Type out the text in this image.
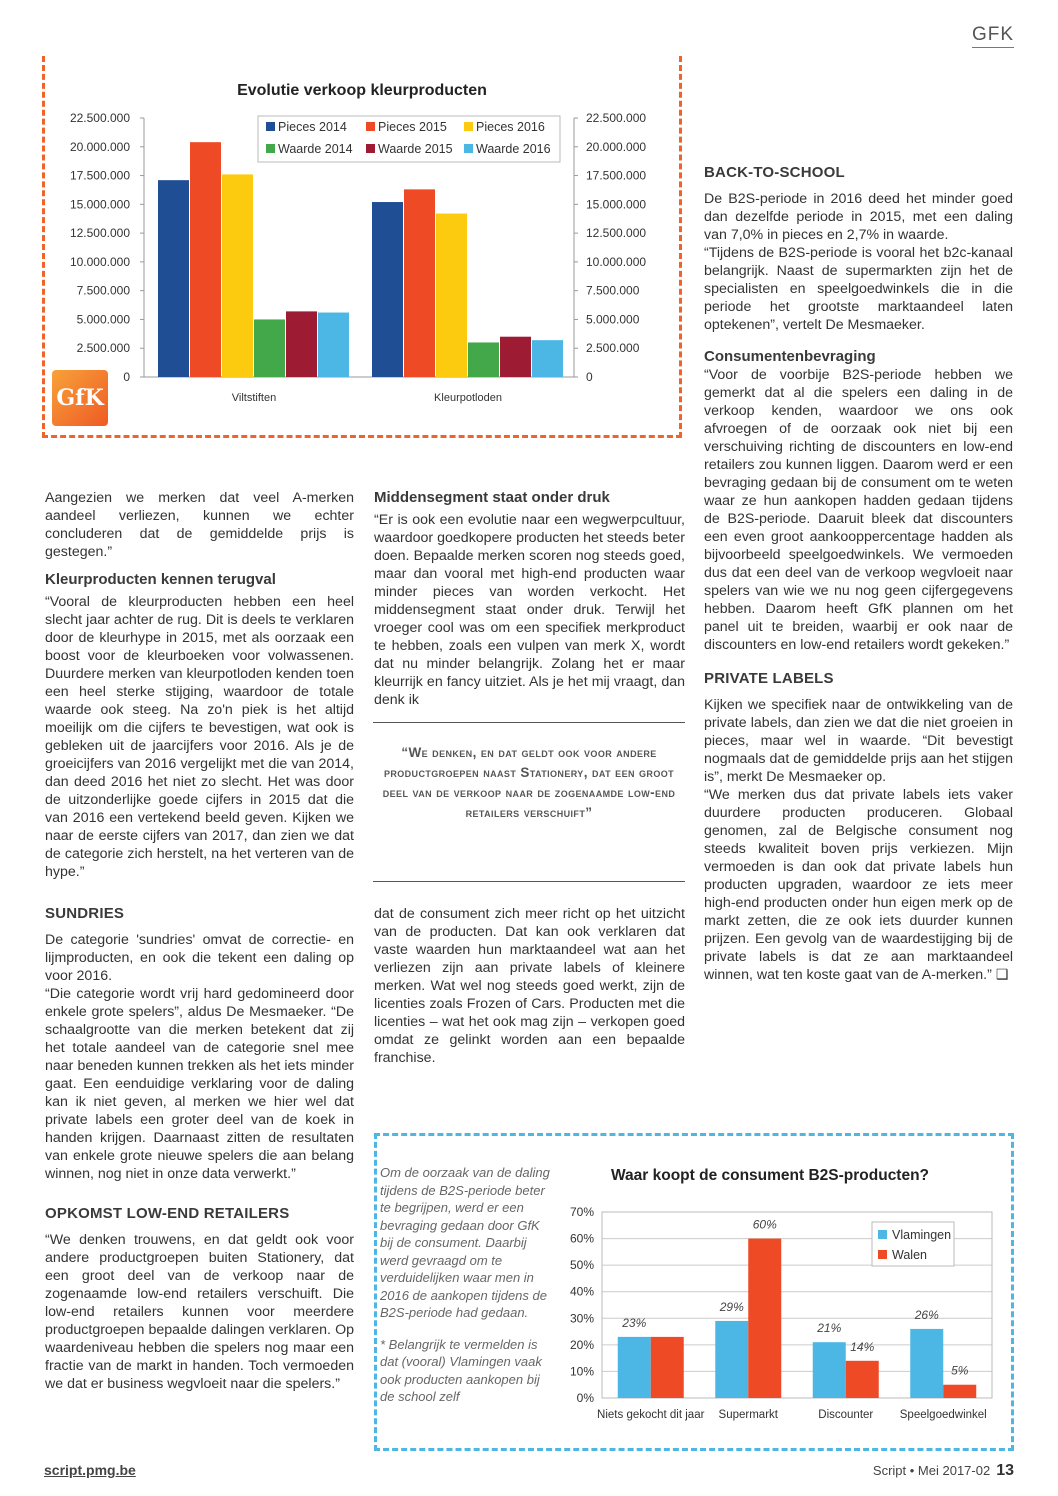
GFK
Evolutie verkoop kleurproducten
22.500.000
20.000.000
17.500.000
15.000.000
12.500.000
10.000.000
7.500.000
5.000.000
2.500.000
0
22.500.000
20.000.000
17.500.000
15.000.000
12.500.000
10.000.000
7.500.000
5.000.000
2.500.000
0
Viltstiften	Kleurpotloden
Pieces 2014 Pieces 2015 Pieces 2016
Waarde 2014 Waarde 2015 Waarde 2016
GfK

Aangezien we merken dat veel A-merken aandeel verliezen, kunnen we echter concluderen dat de gemiddelde prijs is gestegen.”

Kleurproducten kennen terugval

“Vooral de kleurproducten hebben een heel slecht jaar achter de rug. Dit is deels te verklaren door de kleurhype in 2015, met als oorzaak een boost voor de kleurboeken voor volwassenen. Duurdere merken van kleurpotloden kenden toen een heel sterke stijging, waardoor de totale waarde ook steeg. Na zo'n piek is het altijd moeilijk om die cijfers te bevestigen, wat ook is gebleken uit de jaarcijfers voor 2016. Als je de groeicijfers van 2016 vergelijkt met die van 2014, dan deed 2016 het niet zo slecht. Het was door de uitzonderlijke goede cijfers in 2015 dat die van 2016 een vertekend beeld geven. Kijken we naar de eerste cijfers van 2017, dan zien we dat de categorie zich herstelt, na het verteren van de hype.”

SUNDRIES

De categorie 'sundries' omvat de correctie- en lijmproducten, en ook die tekent een daling op voor 2016.

“Die categorie wordt vrij hard gedomineerd door enkele grote spelers”, aldus De Mesmaeker. “De schaalgrootte van die merken betekent dat zij het totale aandeel van de categorie snel mee naar beneden kunnen trekken als het iets minder gaat. Een eenduidige verklaring voor de daling kan ik niet geven, al merken we hier wel dat private labels een groter deel van de koek in handen krijgen. Daarnaast zitten de resultaten van enkele grote nieuwe spelers die aan belang winnen, nog niet in onze data verwerkt.”

OPKOMST LOW-END RETAILERS

“We denken trouwens, en dat geldt ook voor andere productgroepen buiten Stationery, dat een groot deel van de verkoop naar de zogenaamde low-end retailers verschuift. Die low-end retailers kunnen voor meerdere productgroepen bepaalde dalingen verklaren. Op waardeniveau hebben die spelers nog maar een fractie van de markt in handen. Toch vermoeden we dat er business wegvloeit naar die spelers.”

Middensegment staat onder druk

“Er is ook een evolutie naar een wegwerpcultuur, waardoor goedkopere producten het steeds beter doen. Bepaalde merken scoren nog steeds goed, maar dan vooral met high-end producten waar minder pieces van worden verkocht. Het middensegment staat onder druk. Terwijl het vroeger cool was om een specifiek merkproduct te hebben, zoals een vulpen van merk X, wordt dat nu minder belangrijk. Zolang het er maar kleurrijk en fancy uitziet. Als je het mij vraagt, dan denk ik

“We denken, en dat geldt ook voor andere productgroepen naast Stationery, dat een groot deel van de verkoop naar de zogenaamde low-end retailers verschuift”

dat de consument zich meer richt op het uitzicht van de producten. Dat kan ook verklaren dat vaste waarden hun marktaandeel wat aan het verliezen zijn aan private labels of kleinere merken. Wat wel nog steeds goed werkt, zijn de licenties zoals Frozen of Cars. Producten met die licenties – wat het ook mag zijn – verkopen goed omdat ze gelinkt worden aan een bepaalde franchise.

BACK-TO-SCHOOL

De B2S-periode in 2016 deed het minder goed dan dezelfde periode in 2015, met een daling van 7,0% in pieces en 2,7% in waarde.

“Tijdens de B2S-periode is vooral het b2c-kanaal belangrijk. Naast de supermarkten zijn het de specialisten en speelgoedwinkels die in die periode het grootste marktaandeel laten optekenen”, vertelt De Mesmaeker.

Consumentenbevraging

“Voor de voorbije B2S-periode hebben we gemerkt dat al die spelers een daling in de verkoop kenden, waardoor we ons ook afvroegen of de oorzaak ook niet bij een verschuiving richting de discounters en low-end retailers zou kunnen liggen. Daarom werd er een bevraging gedaan bij de consument om te weten waar ze hun aankopen hadden gedaan tijdens de B2S-periode. Daaruit bleek dat discounters een even groot aankooppercentage hadden als bijvoorbeeld speelgoedwinkels. We vermoeden dus dat een deel van de verkoop wegvloeit naar spelers van wie we nu nog geen cijfergegevens hebben. Daarom heeft GfK plannen om het panel uit te breiden, waarbij er ook naar de discounters en low-end retailers wordt gekeken.”

PRIVATE LABELS

Kijken we specifiek naar de ontwikkeling van de private labels, dan zien we dat die niet groeien in pieces, maar wel in waarde. “Dit bevestigt nogmaals dat de gemiddelde prijs aan het stijgen is”, merkt De Mesmaeker op.

“We merken dus dat private labels iets vaker duurdere producten produceren. Globaal genomen, zal de Belgische consument nog steeds kwaliteit boven prijs verkiezen. Mijn vermoeden is dan ook dat private labels hun producten upgraden, waardoor ze iets meer high-end producten onder hun eigen merk op de markt zetten, die ze ook iets duurder kunnen prijzen. Een gevolg van de waardestijging bij de private labels is dat ze aan marktaandeel winnen, wat ten koste gaat van de A-merken.” ❑

Om de oorzaak van de daling tijdens de B2S-periode beter te begrijpen, werd er een bevraging gedaan door GfK bij de consument. Daarbij werd gevraagd om te verduidelijken waar men in 2016 de aankopen tijdens de B2S-periode had gedaan.
* Belangrijk te vermelden is dat (vooral) Vlamingen vaak ook producten aankopen bij de school zelf
Waar koopt de consument B2S-producten?
70%
60%
50%
40%
30%
20%
10%
0%
23%
29%
60%
21%
14%
26%
5%
Niets gekocht dit jaar Supermarkt	Discounter Speelgoedwinkel
Vlamingen
Walen
script.pmg.be	Script • Mei 2017-02 13
